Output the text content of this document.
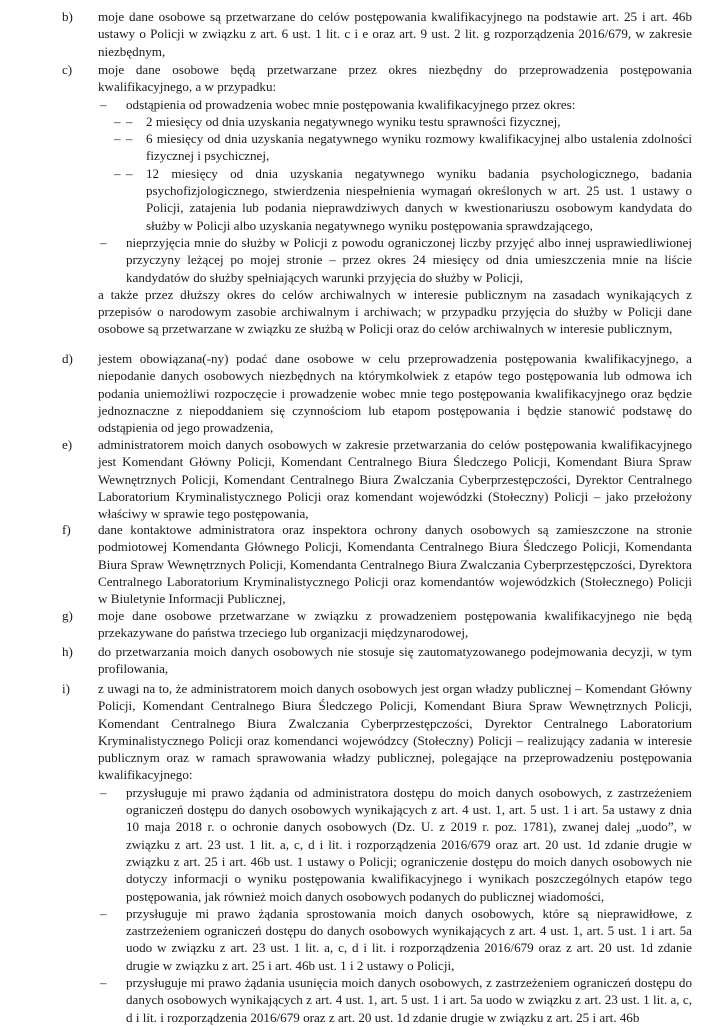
b) moje dane osobowe są przetwarzane do celów postępowania kwalifikacyjnego na podstawie art. 25 i art. 46b ustawy o Policji w związku z art. 6 ust. 1 lit. c i e oraz art. 9 ust. 2 lit. g rozporządzenia 2016/679, w zakresie niezbędnym,

c) moje dane osobowe będą przetwarzane przez okres niezbędny do przeprowadzenia postępowania kwalifikacyjnego, a w przypadku:

– odstąpienia od prowadzenia wobec mnie postępowania kwalifikacyjnego przez okres:

– – 2 miesięcy od dnia uzyskania negatywnego wyniku testu sprawności fizycznej,

– – 6 miesięcy od dnia uzyskania negatywnego wyniku rozmowy kwalifikacyjnej albo ustalenia zdolności fizycznej i psychicznej,

– – 12 miesięcy od dnia uzyskania negatywnego wyniku badania psychologicznego, badania psychofizjologicznego, stwierdzenia niespełnienia wymagań określonych w art. 25 ust. 1 ustawy o Policji, zatajenia lub podania nieprawdziwych danych w kwestionariuszu osobowym kandydata do służby w Policji albo uzyskania negatywnego wyniku postępowania sprawdzającego,

– nieprzyjęcia mnie do służby w Policji z powodu ograniczonej liczby przyjęć albo innej usprawiedliwionej przyczyny leżącej po mojej stronie – przez okres 24 miesięcy od dnia umieszczenia mnie na liście kandydatów do służby spełniających warunki przyjęcia do służby w Policji,

a także przez dłuższy okres do celów archiwalnych w interesie publicznym na zasadach wynikających z przepisów o narodowym zasobie archiwalnym i archiwach; w przypadku przyjęcia do służby w Policji dane osobowe są przetwarzane w związku ze służbą w Policji oraz do celów archiwalnych w interesie publicznym,

d) jestem obowiązana(-ny) podać dane osobowe w celu przeprowadzenia postępowania kwalifikacyjnego, a niepodanie danych osobowych niezbędnych na którymkolwiek z etapów tego postępowania lub odmowa ich podania uniemożliwi rozpoczęcie i prowadzenie wobec mnie tego postępowania kwalifikacyjnego oraz będzie jednoznaczne z niepoddaniem się czynnościom lub etapom postępowania i będzie stanowić podstawę do odstąpienia od jego prowadzenia,

e) administratorem moich danych osobowych w zakresie przetwarzania do celów postępowania kwalifikacyjnego jest Komendant Główny Policji, Komendant Centralnego Biura Śledczego Policji, Komendant Biura Spraw Wewnętrznych Policji, Komendant Centralnego Biura Zwalczania Cyberprzestępczości, Dyrektor Centralnego Laboratorium Kryminalistycznego Policji oraz komendant wojewódzki (Stołeczny) Policji – jako przełożony właściwy w sprawie tego postępowania,

f) dane kontaktowe administratora oraz inspektora ochrony danych osobowych są zamieszczone na stronie podmiotowej Komendanta Głównego Policji, Komendanta Centralnego Biura Śledczego Policji, Komendanta Biura Spraw Wewnętrznych Policji, Komendanta Centralnego Biura Zwalczania Cyberprzestępczości, Dyrektora Centralnego Laboratorium Kryminalistycznego Policji oraz komendantów wojewódzkich (Stołecznego) Policji w Biuletynie Informacji Publicznej,

g) moje dane osobowe przetwarzane w związku z prowadzeniem postępowania kwalifikacyjnego nie będą przekazywane do państwa trzeciego lub organizacji międzynarodowej,

h) do przetwarzania moich danych osobowych nie stosuje się zautomatyzowanego podejmowania decyzji, w tym profilowania,

i) z uwagi na to, że administratorem moich danych osobowych jest organ władzy publicznej – Komendant Główny Policji, Komendant Centralnego Biura Śledczego Policji, Komendant Biura Spraw Wewnętrznych Policji, Komendant Centralnego Biura Zwalczania Cyberprzestępczości, Dyrektor Centralnego Laboratorium Kryminalistycznego Policji oraz komendanci wojewódzcy (Stołeczny) Policji – realizujący zadania w interesie publicznym oraz w ramach sprawowania władzy publicznej, polegające na przeprowadzeniu postępowania kwalifikacyjnego:

– przysługuje mi prawo żądania od administratora dostępu do moich danych osobowych, z zastrzeżeniem ograniczeń dostępu do danych osobowych wynikających z art. 4 ust. 1, art. 5 ust. 1 i art. 5a ustawy z dnia 10 maja 2018 r. o ochronie danych osobowych (Dz. U. z 2019 r. poz. 1781), zwanej dalej „uodo”, w związku z art. 23 ust. 1 lit. a, c, d i lit. i rozporządzenia 2016/679 oraz art. 20 ust. 1d zdanie drugie w związku z art. 25 i art. 46b ust. 1 ustawy o Policji; ograniczenie dostępu do moich danych osobowych nie dotyczy informacji o wyniku postępowania kwalifikacyjnego i wynikach poszczególnych etapów tego postępowania, jak również moich danych osobowych podanych do publicznej wiadomości,

– przysługuje mi prawo żądania sprostowania moich danych osobowych, które są nieprawidłowe, z zastrzeżeniem ograniczeń dostępu do danych osobowych wynikających z art. 4 ust. 1, art. 5 ust. 1 i art. 5a uodo w związku z art. 23 ust. 1 lit. a, c, d i lit. i rozporządzenia 2016/679 oraz z art. 20 ust. 1d zdanie drugie w związku z art. 25 i art. 46b ust. 1 i 2 ustawy o Policji,

– przysługuje mi prawo żądania usunięcia moich danych osobowych, z zastrzeżeniem ograniczeń dostępu do danych osobowych wynikających z art. 4 ust. 1, art. 5 ust. 1 i art. 5a uodo w związku z art. 23 ust. 1 lit. a, c, d i lit. i rozporządzenia 2016/679 oraz z art. 20 ust. 1d zdanie drugie w związku z art. 25 i art. 46b
